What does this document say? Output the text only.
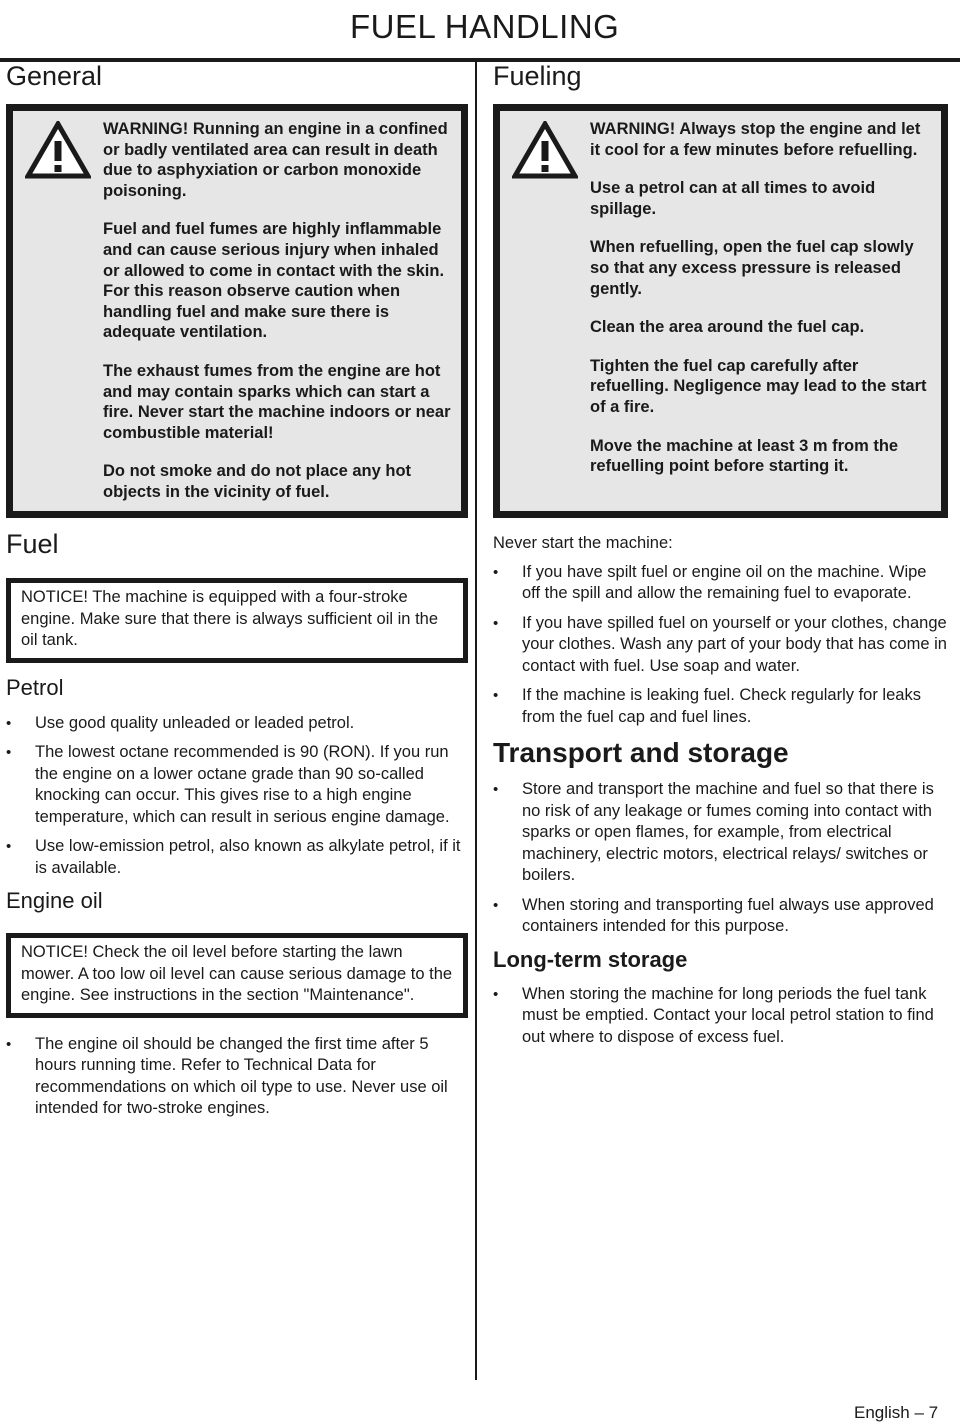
FUEL HANDLING
General

WARNING! Running an engine in a confined or badly ventilated area can result in death due to asphyxiation or carbon monoxide poisoning.

Fuel and fuel fumes are highly inflammable and can cause serious injury when inhaled or allowed to come in contact with the skin. For this reason observe caution when handling fuel and make sure there is adequate ventilation.

The exhaust fumes from the engine are hot and may contain sparks which can start a fire. Never start the machine indoors or near combustible material!

Do not smoke and do not place any hot objects in the vicinity of fuel.

Fuel
NOTICE! The machine is equipped with a four-stroke engine. Make sure that there is always sufficient oil in the oil tank.
Petrol
• Use good quality unleaded or leaded petrol.
• The lowest octane recommended is 90 (RON). If you run the engine on a lower octane grade than 90 so-called knocking can occur. This gives rise to a high engine temperature, which can result in serious engine damage.
• Use low-emission petrol, also known as alkylate petrol, if it is available.
Engine oil
NOTICE! Check the oil level before starting the lawn mower. A too low oil level can cause serious damage to the engine. See instructions in the section "Maintenance".
• The engine oil should be changed the first time after 5 hours running time. Refer to Technical Data for recommendations on which oil type to use. Never use oil intended for two-stroke engines.
Fueling

WARNING! Always stop the engine and let it cool for a few minutes before refuelling.

Use a petrol can at all times to avoid spillage.

When refuelling, open the fuel cap slowly so that any excess pressure is released gently.

Clean the area around the fuel cap.

Tighten the fuel cap carefully after refuelling. Negligence may lead to the start of a fire.

Move the machine at least 3 m from the refuelling point before starting it.

Never start the machine:

• If you have spilt fuel or engine oil on the machine. Wipe off the spill and allow the remaining fuel to evaporate.
• If you have spilled fuel on yourself or your clothes, change your clothes. Wash any part of your body that has come in contact with fuel. Use soap and water.
• If the machine is leaking fuel. Check regularly for leaks from the fuel cap and fuel lines.
Transport and storage
• Store and transport the machine and fuel so that there is no risk of any leakage or fumes coming into contact with sparks or open flames, for example, from electrical machinery, electric motors, electrical relays/ switches or boilers.
• When storing and transporting fuel always use approved containers intended for this purpose.
Long-term storage
• When storing the machine for long periods the fuel tank must be emptied. Contact your local petrol station to find out where to dispose of excess fuel.
English – 7
